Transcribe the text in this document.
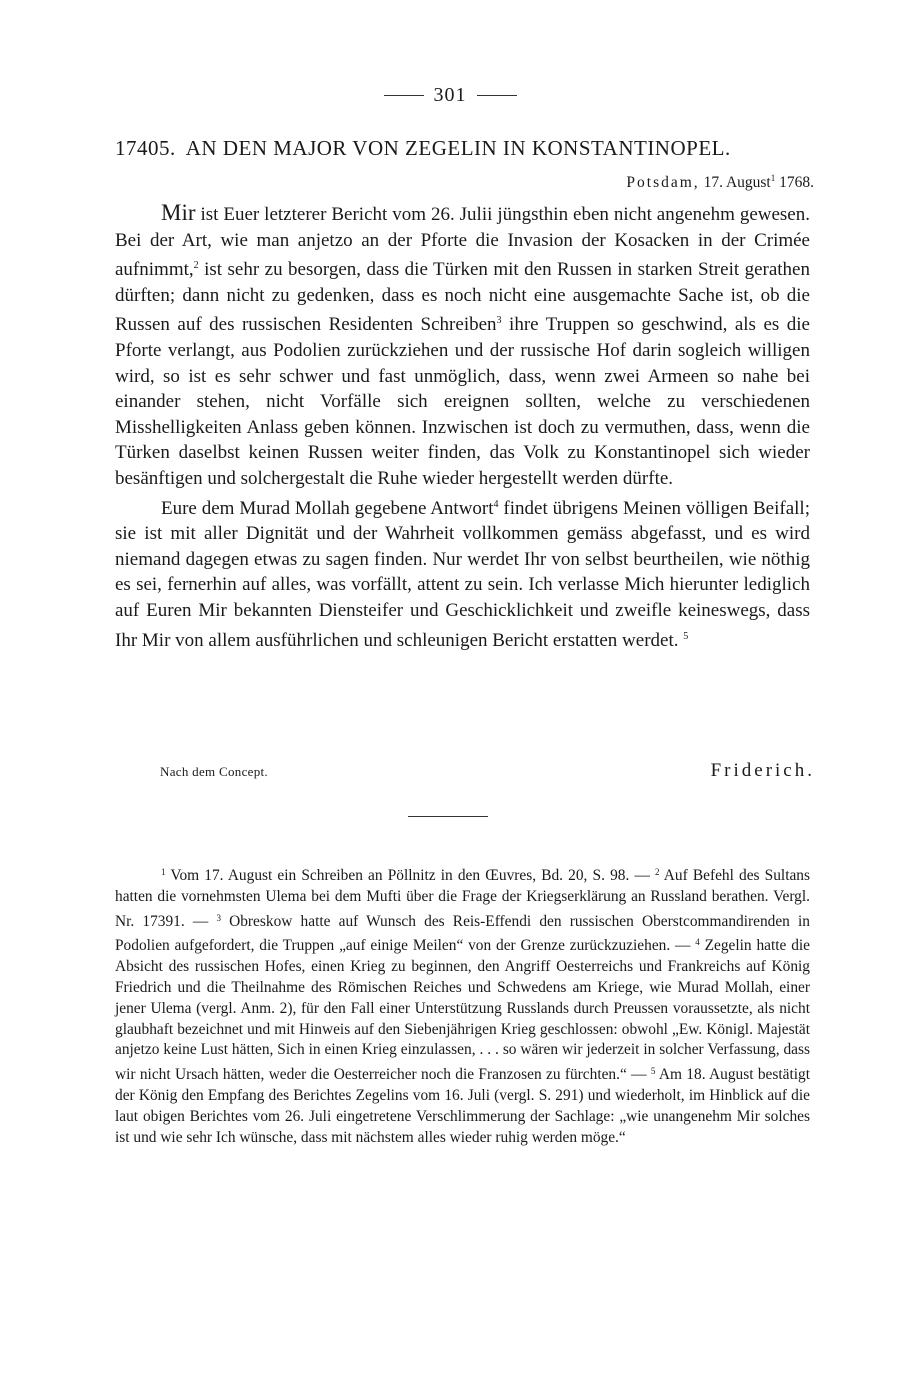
301
17405. AN DEN MAJOR VON ZEGELIN IN KONSTANTINOPEL.
Potsdam, 17. August$^1$ 1768.

Mir ist Euer letzterer Bericht vom 26. Julii jüngsthin eben nicht angenehm gewesen. Bei der Art, wie man anjetzo an der Pforte die Invasion der Kosacken in der Crimée aufnimmt,$^2$ ist sehr zu besorgen, dass die Türken mit den Russen in starken Streit gerathen dürften; dann nicht zu gedenken, dass es noch nicht eine ausgemachte Sache ist, ob die Russen auf des russischen Residenten Schreiben$^3$ ihre Truppen so geschwind, als es die Pforte verlangt, aus Podolien zurückziehen und der russische Hof darin sogleich willigen wird, so ist es sehr schwer und fast unmöglich, dass, wenn zwei Armeen so nahe bei einander stehen, nicht Vorfälle sich ereignen sollten, welche zu verschiedenen Misshelligkeiten Anlass geben können. Inzwischen ist doch zu vermuthen, dass, wenn die Türken daselbst keinen Russen weiter finden, das Volk zu Konstantinopel sich wieder besänftigen und solchergestalt die Ruhe wieder hergestellt werden dürfte.

Eure dem Murad Mollah gegebene Antwort$^4$ findet übrigens Meinen völligen Beifall; sie ist mit aller Dignität und der Wahrheit vollkommen gemäss abgefasst, und es wird niemand dagegen etwas zu sagen finden. Nur werdet Ihr von selbst beurtheilen, wie nöthig es sei, fernerhin auf alles, was vorfällt, attent zu sein. Ich verlasse Mich hierunter lediglich auf Euren Mir bekannten Diensteifer und Geschicklichkeit und zweifle keineswegs, dass Ihr Mir von allem ausführlichen und schleunigen Bericht erstatten werdet. $^5$

Nach dem Concept.	Friderich.

$^1$ Vom 17. August ein Schreiben an Pöllnitz in den Œuvres, Bd. 20, S. 98. — $^2$ Auf Befehl des Sultans hatten die vornehmsten Ulema bei dem Mufti über die Frage der Kriegserklärung an Russland berathen. Vergl. Nr. 17391. — $^3$ Obreskow hatte auf Wunsch des Reis-Effendi den russischen Oberstcommandirenden in Podolien aufgefordert, die Truppen „auf einige Meilen“ von der Grenze zurückzuziehen. — $^4$ Zegelin hatte die Absicht des russischen Hofes, einen Krieg zu beginnen, den Angriff Oesterreichs und Frankreichs auf König Friedrich und die Theilnahme des Römischen Reiches und Schwedens am Kriege, wie Murad Mollah, einer jener Ulema (vergl. Anm. 2), für den Fall einer Unterstützung Russlands durch Preussen voraussetzte, als nicht glaubhaft bezeichnet und mit Hinweis auf den Siebenjährigen Krieg geschlossen: obwohl „Ew. Königl. Majestät anjetzo keine Lust hätten, Sich in einen Krieg einzulassen, . . . so wären wir jederzeit in solcher Verfassung, dass wir nicht Ursach hätten, weder die Oesterreicher noch die Franzosen zu fürchten.“ — $^5$ Am 18. August bestätigt der König den Empfang des Berichtes Zegelins vom 16. Juli (vergl. S. 291) und wiederholt, im Hinblick auf die laut obigen Berichtes vom 26. Juli eingetretene Verschlimmerung der Sachlage: „wie unangenehm Mir solches ist und wie sehr Ich wünsche, dass mit nächstem alles wieder ruhig werden möge.“
